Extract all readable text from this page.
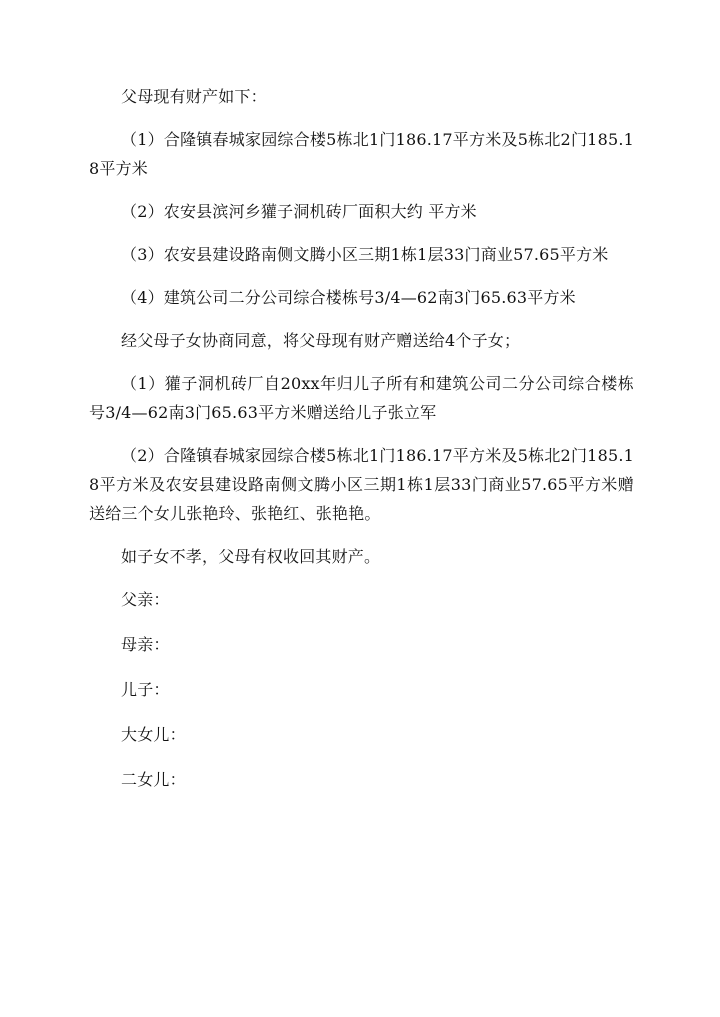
父母现有财产如下：

（1）合隆镇春城家园综合楼5栋北1门186.17平方米及5栋北2门185.18平方米

（2）农安县滨河乡獾子洞机砖厂面积大约 平方米

（3）农安县建设路南侧文腾小区三期1栋1层33门商业57.65平方米

（4）建筑公司二分公司综合楼栋号3/4—62南3门65.63平方米

经父母子女协商同意，将父母现有财产赠送给4个子女；

（1）獾子洞机砖厂自20xx年归儿子所有和建筑公司二分公司综合楼栋号3/4—62南3门65.63平方米赠送给儿子张立军

（2）合隆镇春城家园综合楼5栋北1门186.17平方米及5栋北2门185.18平方米及农安县建设路南侧文腾小区三期1栋1层33门商业57.65平方米赠送给三个女儿张艳玲、张艳红、张艳艳。

如子女不孝，父母有权收回其财产。

父亲：
母亲：
儿子：
大女儿：
二女儿：
